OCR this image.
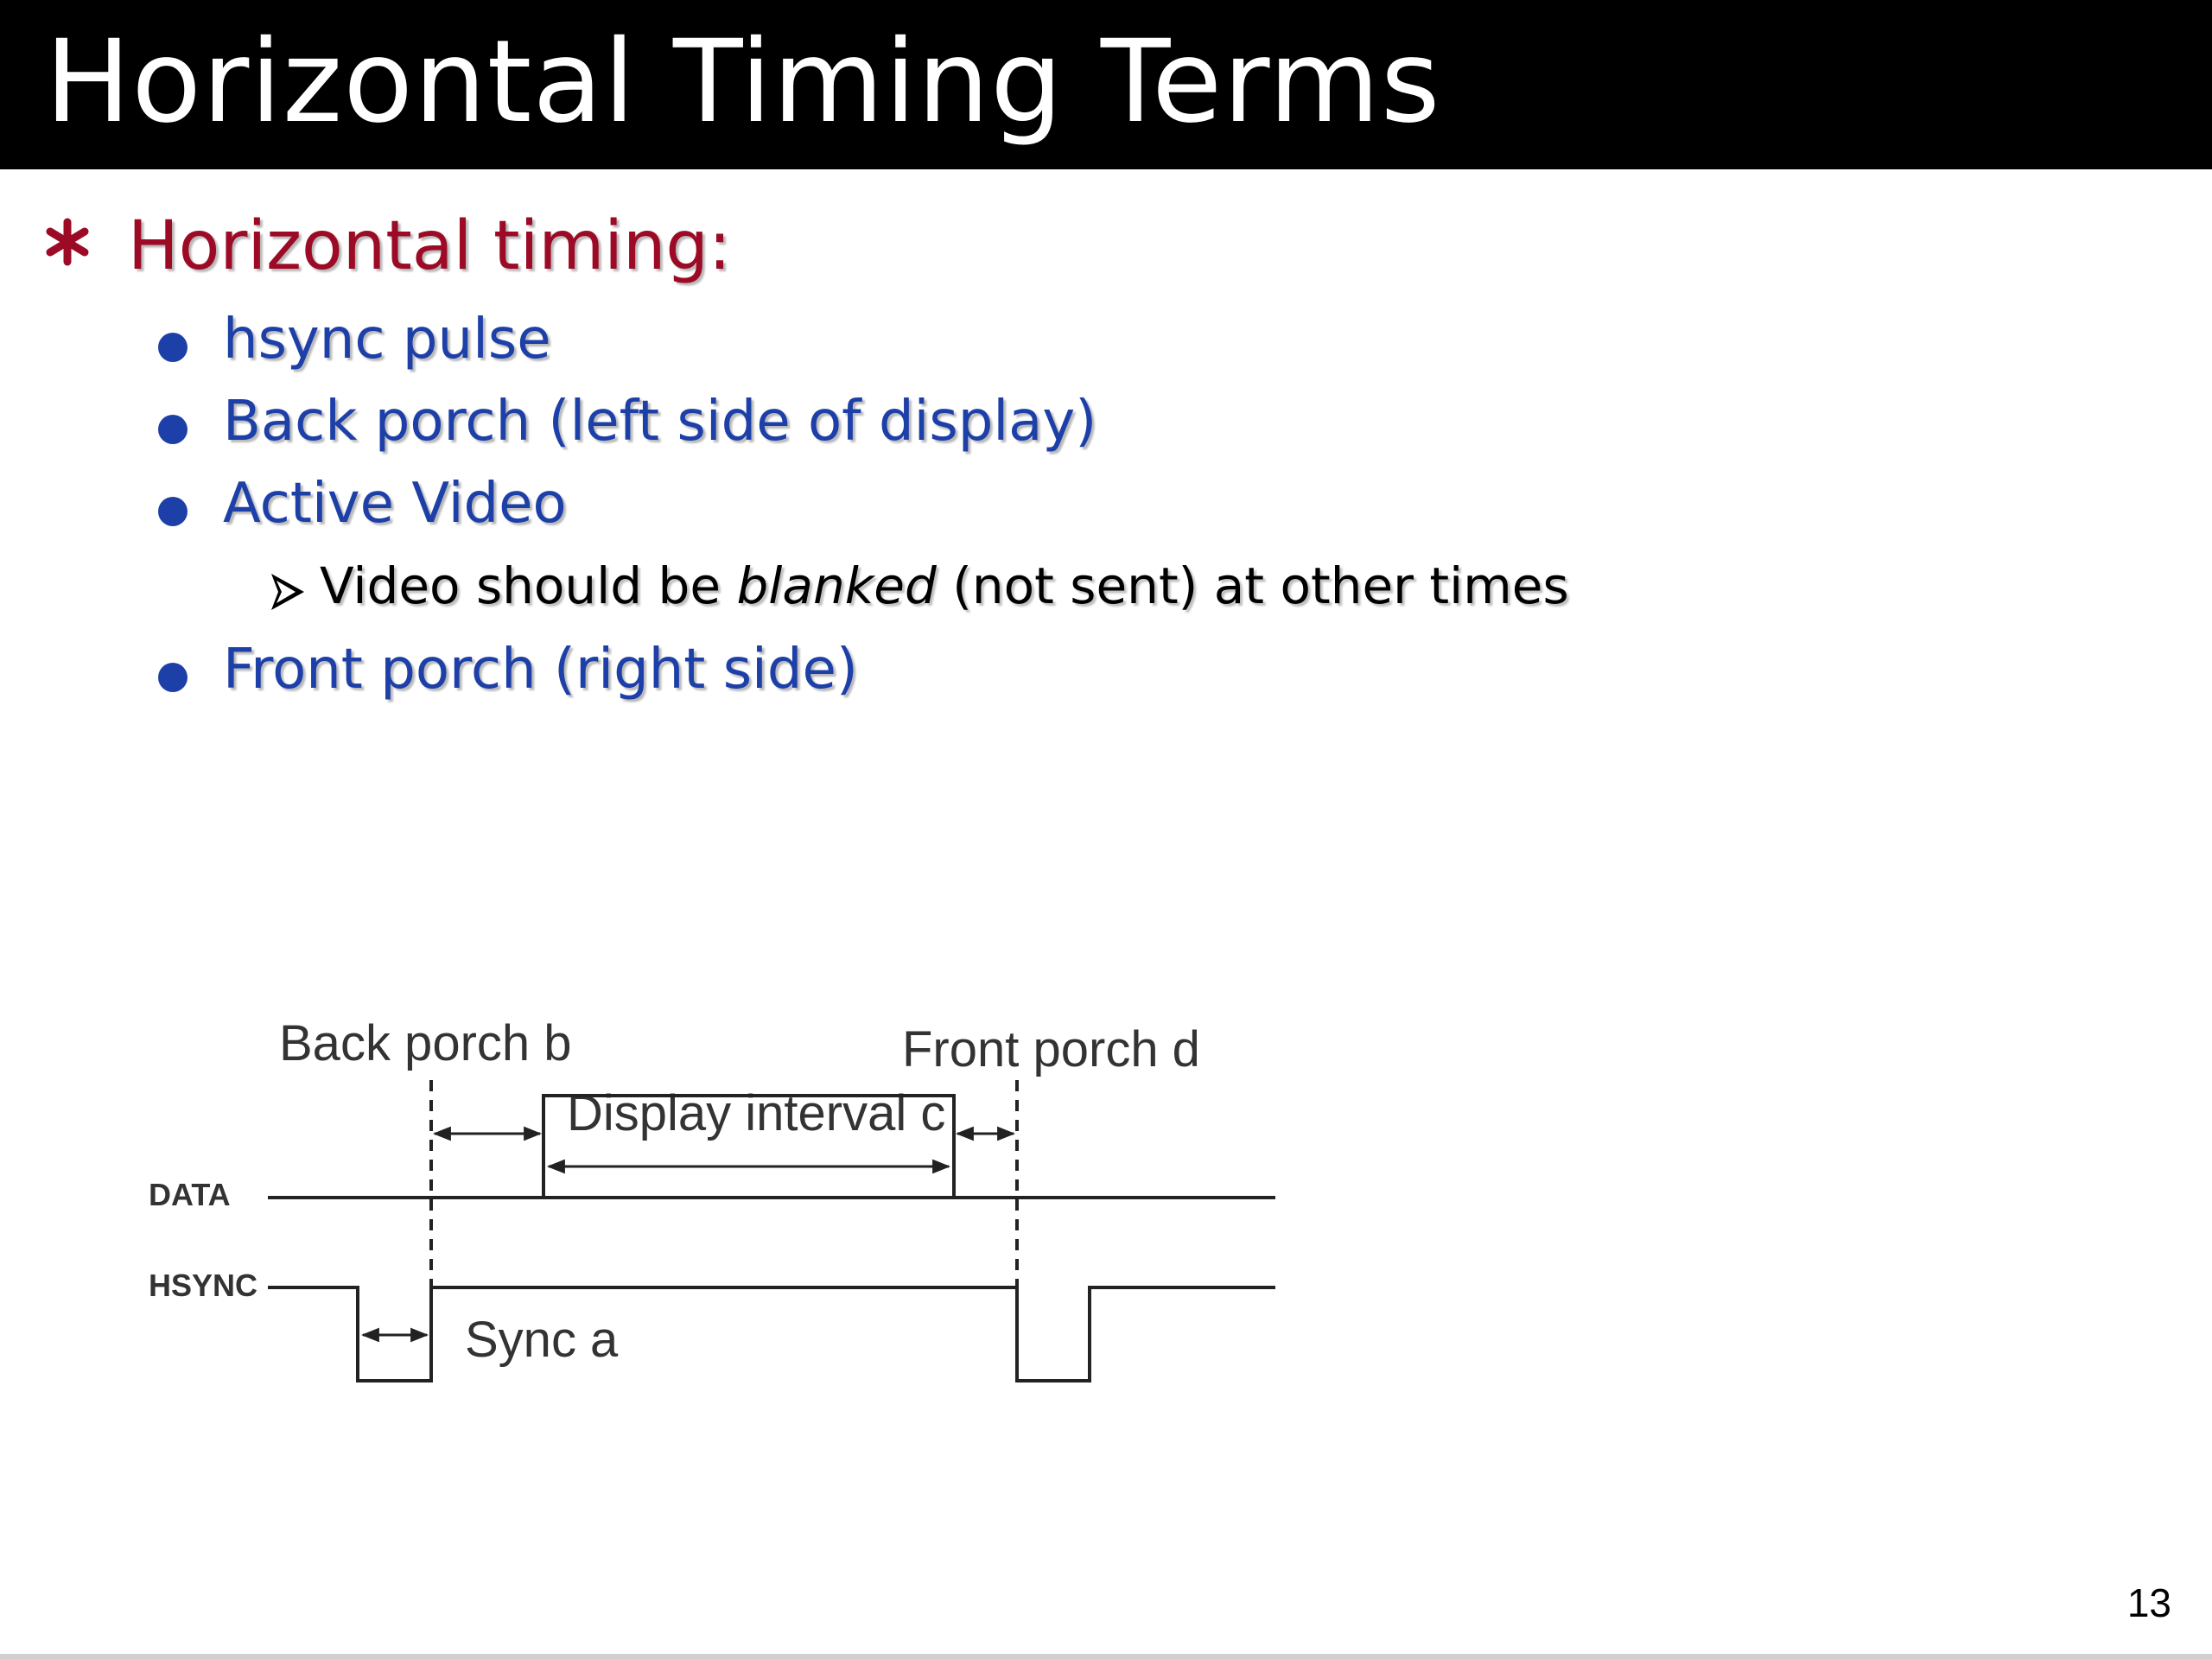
Horizontal Timing Terms
Horizontal timing:
hsync pulse
Back porch (left side of display)
Active Video
Video should be blanked (not sent) at other times
Front porch (right side)
DATA
HSYNC
Back porch b	Front porch d
Display interval c
Sync a
13
